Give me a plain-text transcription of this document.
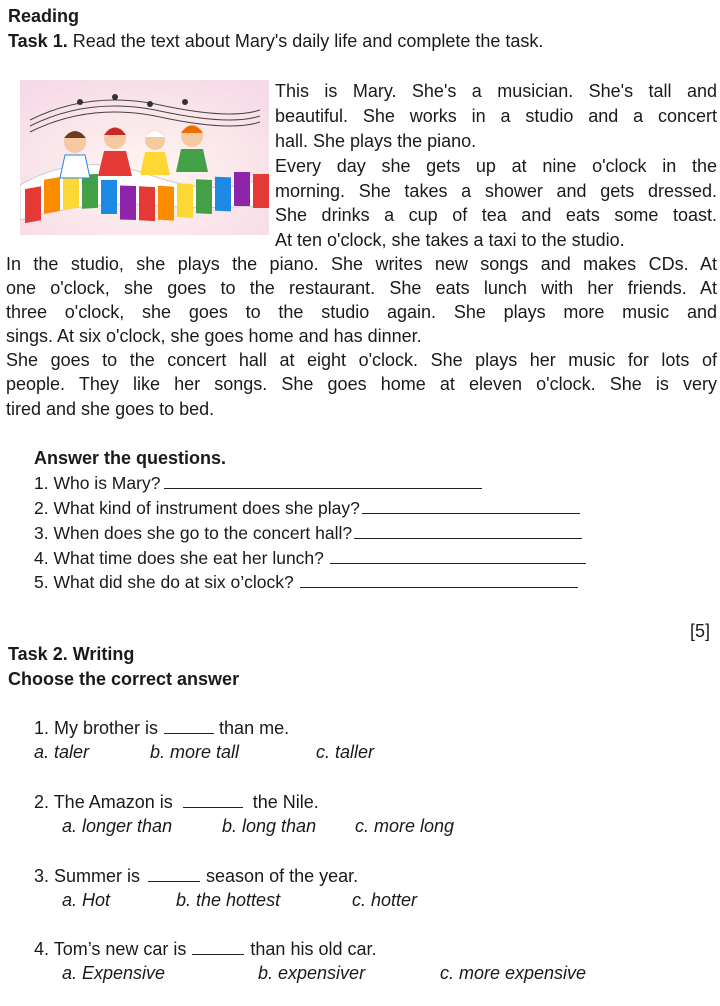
Reading
Task 1. Read the text about Mary's daily life and complete the task.
This is Mary. She's a musician. She's tall and
beautiful. She works in a studio and a concert
hall. She plays the piano.
Every day she gets up at nine o'clock in the
morning. She takes a shower and gets dressed.
She drinks a cup of tea and eats some toast.
At ten o'clock, she takes a taxi to the studio.
In the studio, she plays the piano. She writes new songs and makes CDs. At
one o'clock, she goes to the restaurant. She eats lunch with her friends. At
three o'clock, she goes to the studio again. She plays more music and
sings. At six o'clock, she goes home and has dinner.
She goes to the concert hall at eight o'clock. She plays her music for lots of
people. They like her songs. She goes home at eleven o'clock. She is very
tired and she goes to bed.
Answer the questions.
1. Who is Mary?
2. What kind of instrument does she play?
3. When does she go to the concert hall?
4. What time does she eat her lunch?
5. What did she do at six o’clock?
[5]
Task 2. Writing
Choose the correct answer
1. My brother is	than me.
a. taler	b. more tall	c. taller
2. The Amazon is	the Nile.
a. longer than	b. long than c. more long
3. Summer is	season of the year.
a. Hot	b. the hottest	c. hotter
4. Tom’s new car is	than his old car.
a. Expensive	b. expensiver	c. more expensive
